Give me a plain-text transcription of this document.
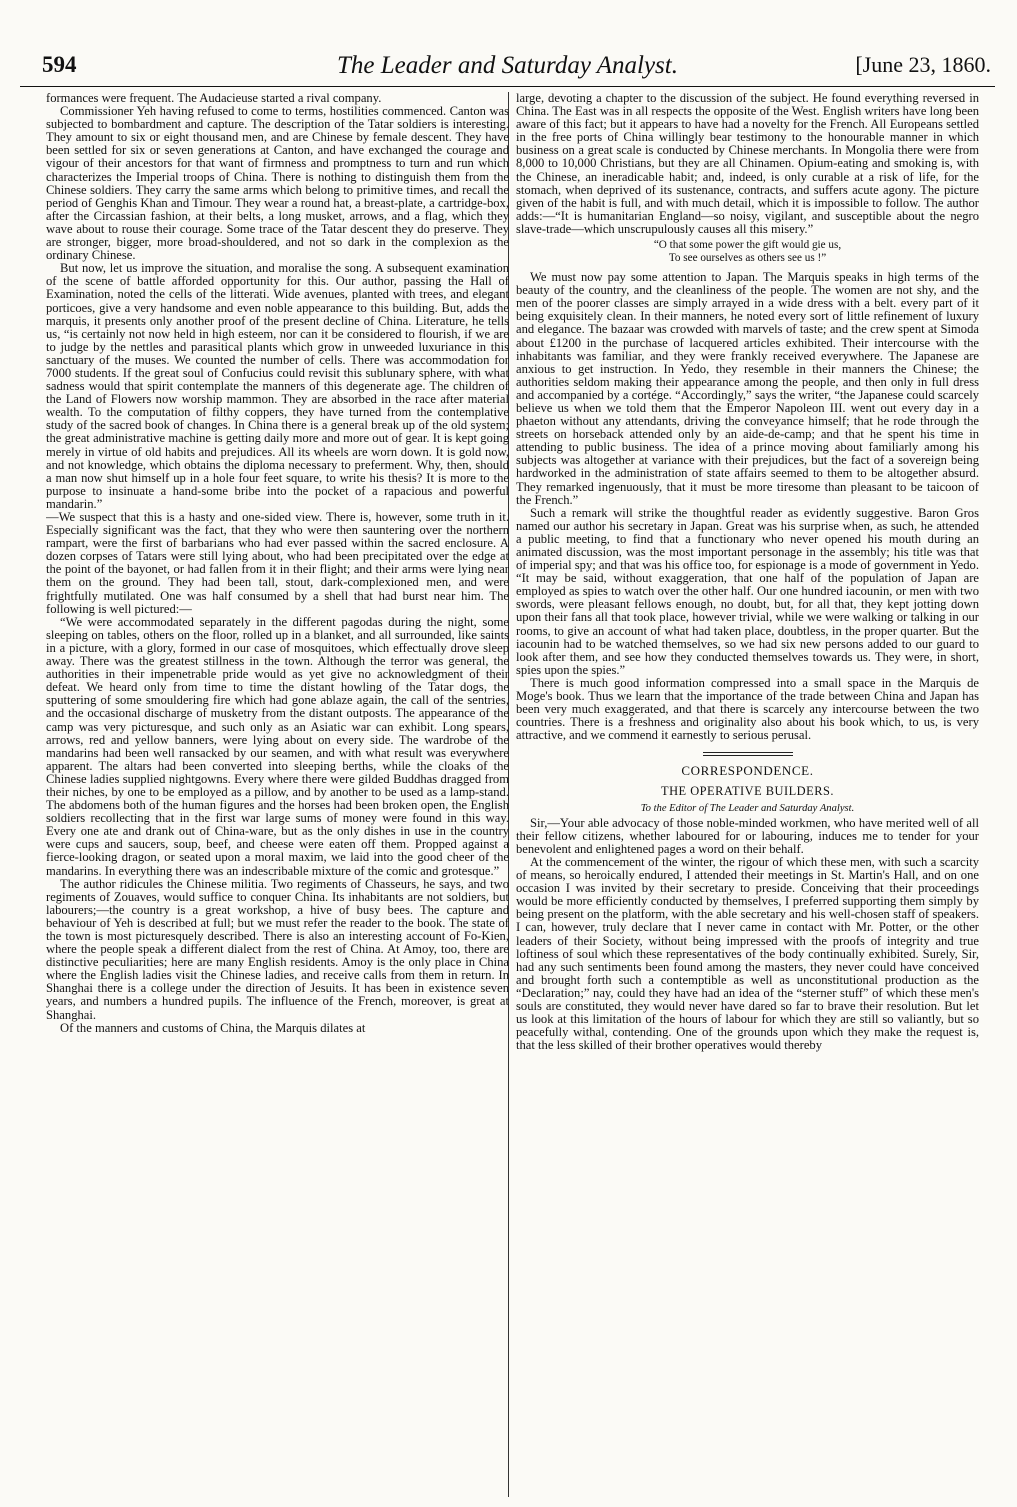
594	The Leader and Saturday Analyst.	[June 23, 1860.

formances were frequent. The Audacieuse started a rival company.

Commissioner Yeh having refused to come to terms, hostilities commenced. Canton was subjected to bombardment and capture. The description of the Tatar soldiers is interesting. They amount to six or eight thousand men, and are Chinese by female descent. They have been settled for six or seven generations at Canton, and have exchanged the courage and vigour of their ancestors for that want of firmness and promptness to turn and run which characterizes the Imperial troops of China. There is nothing to distinguish them from the Chinese soldiers. They carry the same arms which belong to primitive times, and recall the period of Genghis Khan and Timour. They wear a round hat, a breast-plate, a cartridge-box, after the Circassian fashion, at their belts, a long musket, arrows, and a flag, which they wave about to rouse their courage. Some trace of the Tatar descent they do preserve. They are stronger, bigger, more broad-shouldered, and not so dark in the complexion as the ordinary Chinese.

But now, let us improve the situation, and moralise the song. A subsequent examination of the scene of battle afforded opportunity for this. Our author, passing the Hall of Examination, noted the cells of the litterati. Wide avenues, planted with trees, and elegant porticoes, give a very handsome and even noble appearance to this building. But, adds the marquis, it presents only another proof of the present decline of China. Literature, he tells us, “is certainly not now held in high esteem, nor can it be considered to flourish, if we are to judge by the nettles and parasitical plants which grow in unweeded luxuriance in this sanctuary of the muses. We counted the number of cells. There was accommodation for 7000 students. If the great soul of Confucius could revisit this sublunary sphere, with what sadness would that spirit contemplate the manners of this degenerate age. The children of the Land of Flowers now worship mammon. They are absorbed in the race after material wealth. To the computation of filthy coppers, they have turned from the contemplative study of the sacred book of changes. In China there is a general break up of the old system; the great administrative machine is getting daily more and more out of gear. It is kept going merely in virtue of old habits and prejudices. All its wheels are worn down. It is gold now, and not knowledge, which obtains the diploma necessary to preferment. Why, then, should a man now shut himself up in a hole four feet square, to write his thesis? It is more to the purpose to insinuate a hand-some bribe into the pocket of a rapacious and powerful mandarin.”

—We suspect that this is a hasty and one-sided view. There is, however, some truth in it. Especially significant was the fact, that they who were then sauntering over the northern rampart, were the first of barbarians who had ever passed within the sacred enclosure. A dozen corpses of Tatars were still lying about, who had been precipitated over the edge at the point of the bayonet, or had fallen from it in their flight; and their arms were lying near them on the ground. They had been tall, stout, dark-complexioned men, and were frightfully mutilated. One was half consumed by a shell that had burst near him. The following is well pictured:—

“We were accommodated separately in the different pagodas during the night, some sleeping on tables, others on the floor, rolled up in a blanket, and all surrounded, like saints in a picture, with a glory, formed in our case of mosquitoes, which effectually drove sleep away. There was the greatest stillness in the town. Although the terror was general, the authorities in their impenetrable pride would as yet give no acknowledgment of their defeat. We heard only from time to time the distant howling of the Tatar dogs, the sputtering of some smouldering fire which had gone ablaze again, the call of the sentries, and the occasional discharge of musketry from the distant outposts. The appearance of the camp was very picturesque, and such only as an Asiatic war can exhibit. Long spears, arrows, red and yellow banners, were lying about on every side. The wardrobe of the mandarins had been well ransacked by our seamen, and with what result was everywhere apparent. The altars had been converted into sleeping berths, while the cloaks of the Chinese ladies supplied nightgowns. Every where there were gilded Buddhas dragged from their niches, by one to be employed as a pillow, and by another to be used as a lamp-stand. The abdomens both of the human figures and the horses had been broken open, the English soldiers recollecting that in the first war large sums of money were found in this way. Every one ate and drank out of China-ware, but as the only dishes in use in the country were cups and saucers, soup, beef, and cheese were eaten off them. Propped against a fierce-looking dragon, or seated upon a moral maxim, we laid into the good cheer of the mandarins. In everything there was an indescribable mixture of the comic and grotesque.”

The author ridicules the Chinese militia. Two regiments of Chasseurs, he says, and two regiments of Zouaves, would suffice to conquer China. Its inhabitants are not soldiers, but labourers;—the country is a great workshop, a hive of busy bees. The capture and behaviour of Yeh is described at full; but we must refer the reader to the book. The state of the town is most picturesquely described. There is also an interesting account of Fo-Kien, where the people speak a different dialect from the rest of China. At Amoy, too, there are distinctive peculiarities; here are many English residents. Amoy is the only place in China where the English ladies visit the Chinese ladies, and receive calls from them in return. In Shanghai there is a college under the direction of Jesuits. It has been in existence seven years, and numbers a hundred pupils. The influence of the French, moreover, is great at Shanghai.

Of the manners and customs of China, the Marquis dilates at

large, devoting a chapter to the discussion of the subject. He found everything reversed in China. The East was in all respects the opposite of the West. English writers have long been aware of this fact; but it appears to have had a novelty for the French. All Europeans settled in the free ports of China willingly bear testimony to the honourable manner in which business on a great scale is conducted by Chinese merchants. In Mongolia there were from 8,000 to 10,000 Christians, but they are all Chinamen. Opium-eating and smoking is, with the Chinese, an ineradicable habit; and, indeed, is only curable at a risk of life, for the stomach, when deprived of its sustenance, contracts, and suffers acute agony. The picture given of the habit is full, and with much detail, which it is impossible to follow. The author adds:—“It is humanitarian England—so noisy, vigilant, and susceptible about the negro slave-trade—which unscrupulously causes all this misery.”

“O that some power the gift would gie us,
To see ourselves as others see us !”

We must now pay some attention to Japan. The Marquis speaks in high terms of the beauty of the country, and the cleanliness of the people. The women are not shy, and the men of the poorer classes are simply arrayed in a wide dress with a belt. every part of it being exquisitely clean. In their manners, he noted every sort of little refinement of luxury and elegance. The bazaar was crowded with marvels of taste; and the crew spent at Simoda about £1200 in the purchase of lacquered articles exhibited. Their intercourse with the inhabitants was familiar, and they were frankly received everywhere. The Japanese are anxious to get instruction. In Yedo, they resemble in their manners the Chinese; the authorities seldom making their appearance among the people, and then only in full dress and accompanied by a cortége. “Accordingly,” says the writer, “the Japanese could scarcely believe us when we told them that the Emperor Napoleon III. went out every day in a phaeton without any attendants, driving the conveyance himself; that he rode through the streets on horseback attended only by an aide-de-camp; and that he spent his time in attending to public business. The idea of a prince moving about familiarly among his subjects was altogether at variance with their prejudices, but the fact of a sovereign being hardworked in the administration of state affairs seemed to them to be altogether absurd. They remarked ingenuously, that it must be more tiresome than pleasant to be taicoon of the French.”

Such a remark will strike the thoughtful reader as evidently suggestive. Baron Gros named our author his secretary in Japan. Great was his surprise when, as such, he attended a public meeting, to find that a functionary who never opened his mouth during an animated discussion, was the most important personage in the assembly; his title was that of imperial spy; and that was his office too, for espionage is a mode of government in Yedo. “It may be said, without exaggeration, that one half of the population of Japan are employed as spies to watch over the other half. Our one hundred iacounin, or men with two swords, were pleasant fellows enough, no doubt, but, for all that, they kept jotting down upon their fans all that took place, however trivial, while we were walking or talking in our rooms, to give an account of what had taken place, doubtless, in the proper quarter. But the iacounin had to be watched themselves, so we had six new persons added to our guard to look after them, and see how they conducted themselves towards us. They were, in short, spies upon the spies.”

There is much good information compressed into a small space in the Marquis de Moge's book. Thus we learn that the importance of the trade between China and Japan has been very much exaggerated, and that there is scarcely any intercourse between the two countries. There is a freshness and originality also about his book which, to us, is very attractive, and we commend it earnestly to serious perusal.

CORRESPONDENCE.
THE OPERATIVE BUILDERS.
To the Editor of The Leader and Saturday Analyst.

Sir,—Your able advocacy of those noble-minded workmen, who have merited well of all their fellow citizens, whether laboured for or labouring, induces me to tender for your benevolent and enlightened pages a word on their behalf.

At the commencement of the winter, the rigour of which these men, with such a scarcity of means, so heroically endured, I attended their meetings in St. Martin's Hall, and on one occasion I was invited by their secretary to preside. Conceiving that their proceedings would be more efficiently conducted by themselves, I preferred supporting them simply by being present on the platform, with the able secretary and his well-chosen staff of speakers. I can, however, truly declare that I never came in contact with Mr. Potter, or the other leaders of their Society, without being impressed with the proofs of integrity and true loftiness of soul which these representatives of the body continually exhibited. Surely, Sir, had any such sentiments been found among the masters, they never could have conceived and brought forth such a contemptible as well as unconstitutional production as the “Declaration;” nay, could they have had an idea of the “sterner stuff” of which these men's souls are constituted, they would never have dared so far to brave their resolution. But let us look at this limitation of the hours of labour for which they are still so valiantly, but so peacefully withal, contending. One of the grounds upon which they make the request is, that the less skilled of their brother operatives would thereby
